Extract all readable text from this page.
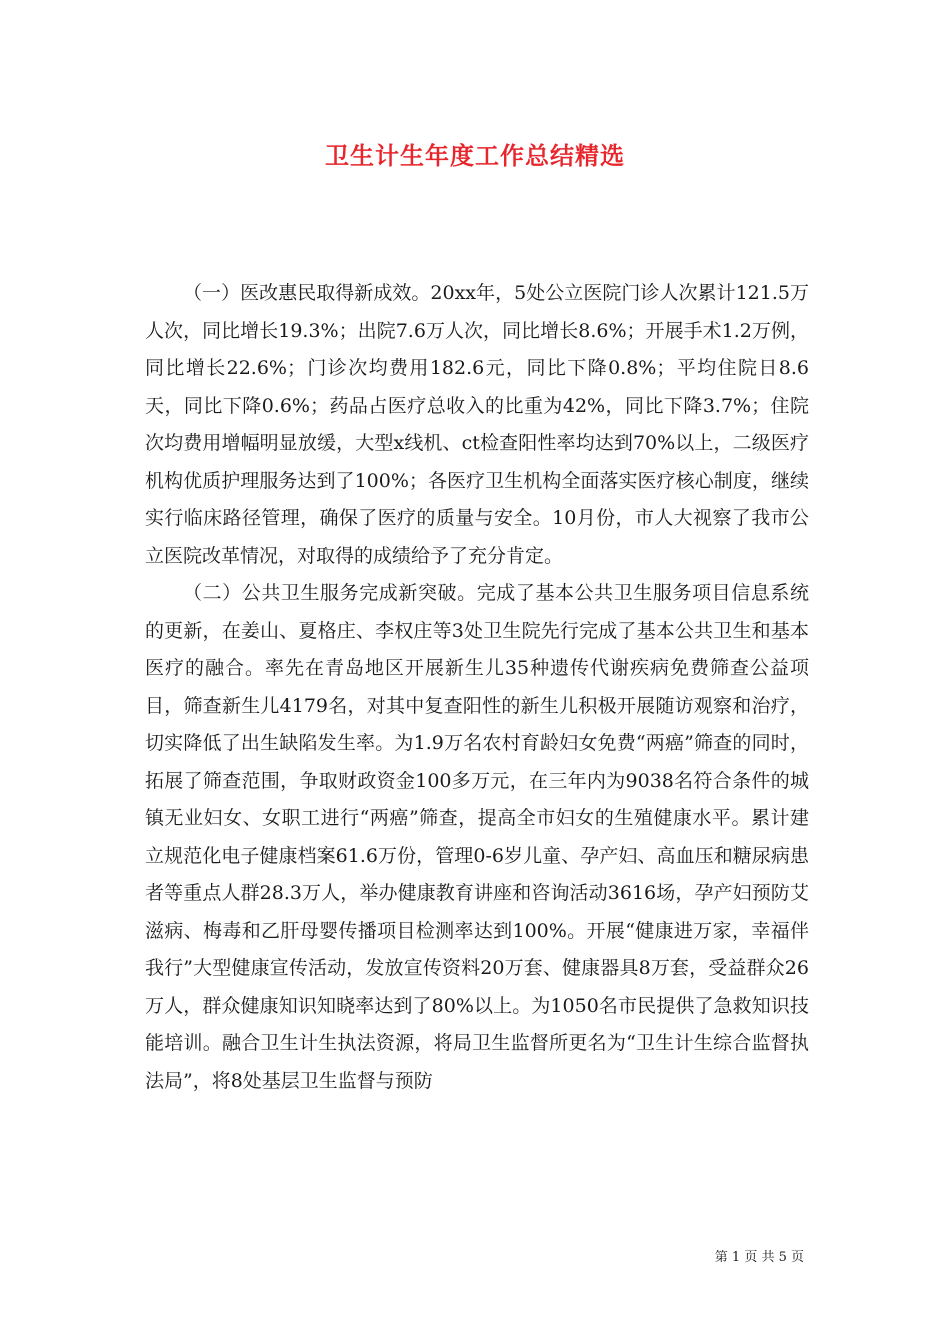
卫生计生年度工作总结精选

（一）医改惠民取得新成效。20xx年，5处公立医院门诊人次累计121.5万人次，同比增长19.3%；出院7.6万人次，同比增长8.6%；开展手术1.2万例，同比增长22.6%；门诊次均费用182.6元，同比下降0.8%；平均住院日8.6天，同比下降0.6%；药品占医疗总收入的比重为42%，同比下降3.7%；住院次均费用增幅明显放缓，大型x线机、ct检查阳性率均达到70%以上，二级医疗机构优质护理服务达到了100%；各医疗卫生机构全面落实医疗核心制度，继续实行临床路径管理，确保了医疗的质量与安全。10月份，市人大视察了我市公立医院改革情况，对取得的成绩给予了充分肯定。

（二）公共卫生服务完成新突破。完成了基本公共卫生服务项目信息系统的更新，在姜山、夏格庄、李权庄等3处卫生院先行完成了基本公共卫生和基本医疗的融合。率先在青岛地区开展新生儿35种遗传代谢疾病免费筛查公益项目，筛查新生儿4179名，对其中复查阳性的新生儿积极开展随访观察和治疗，切实降低了出生缺陷发生率。为1.9万名农村育龄妇女免费“两癌”筛查的同时，拓展了筛查范围，争取财政资金100多万元，在三年内为9038名符合条件的城镇无业妇女、女职工进行“两癌”筛查，提高全市妇女的生殖健康水平。累计建立规范化电子健康档案61.6万份，管理0-6岁儿童、孕产妇、高血压和糖尿病患者等重点人群28.3万人，举办健康教育讲座和咨询活动3616场，孕产妇预防艾滋病、梅毒和乙肝母婴传播项目检测率达到100%。开展“健康进万家，幸福伴我行”大型健康宣传活动，发放宣传资料20万套、健康器具8万套，受益群众26万人，群众健康知识知晓率达到了80%以上。为1050名市民提供了急救知识技能培训。融合卫生计生执法资源，将局卫生监督所更名为“卫生计生综合监督执法局”，将8处基层卫生监督与预防

第 1 页 共 5 页
